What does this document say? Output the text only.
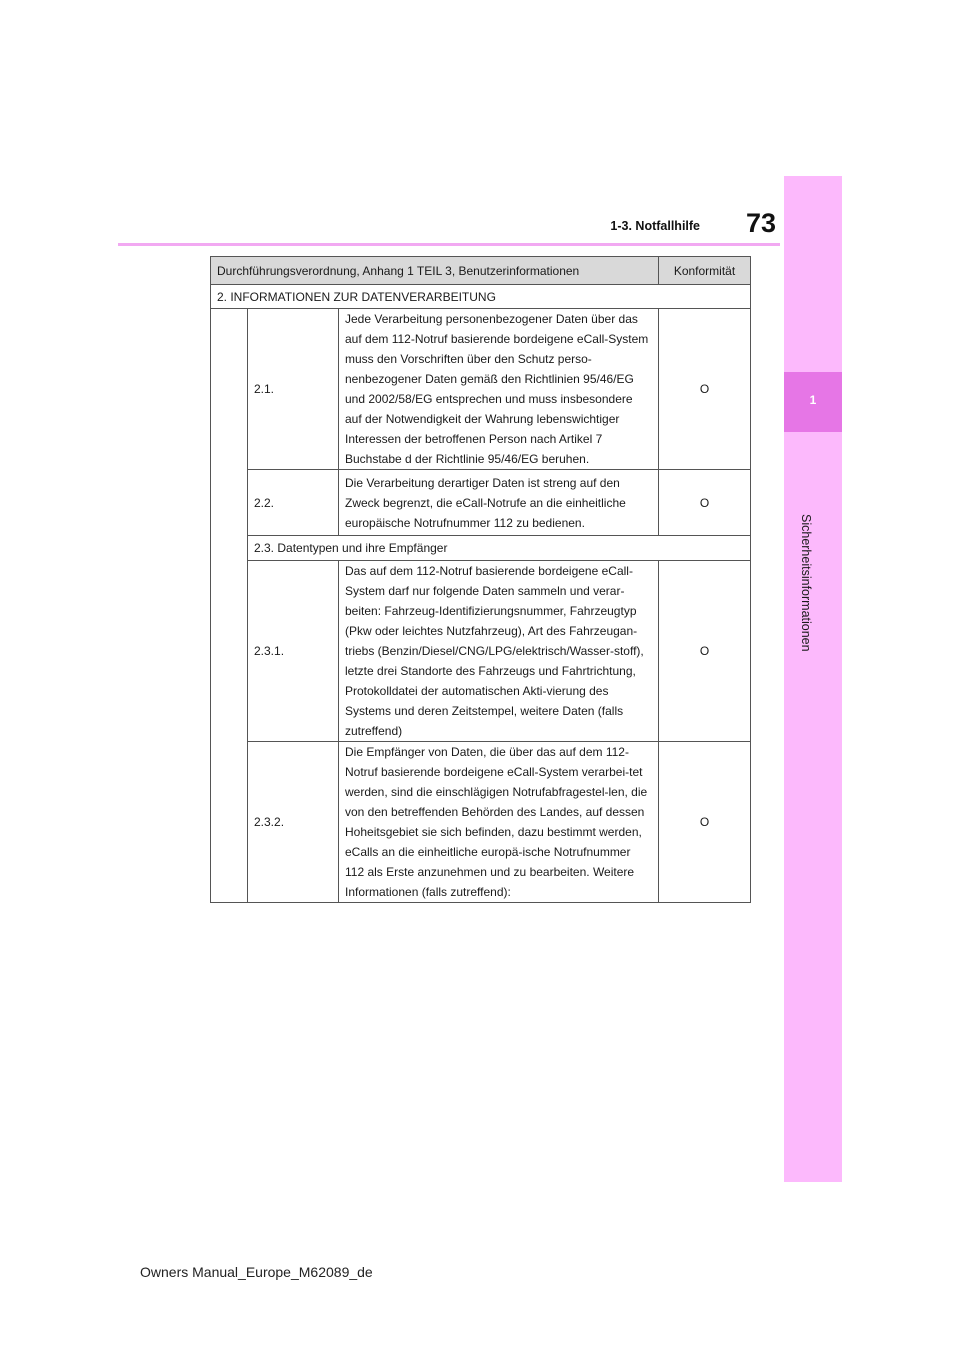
73
1-3. Notfallhilfe
1
Sicherheitsinformationen
Durchführungsverordnung, Anhang 1 TEIL 3, Benutzerinformationen			Konformität
2. INFORMATIONEN ZUR DATENVERARBEITUNG			
	2.1.	Jede Verarbeitung personenbezogener Daten über das auf dem 112-Notruf basierende bordeigene eCall-System muss den Vorschriften über den Schutz perso-nenbezogener Daten gemäß den Richtlinien 95/46/EG und 2002/58/EG entsprechen und muss insbesondere auf der Notwendigkeit der Wahrung lebenswichtiger Interessen der betroffenen Person nach Artikel 7 Buchstabe d der Richtlinie 95/46/EG beruhen.	O
	2.2.	Die Verarbeitung derartiger Daten ist streng auf den Zweck begrenzt, die eCall-Notrufe an die einheitliche europäische Notrufnummer 112 zu bedienen.	O
	2.3. Datentypen und ihre Empfänger		
	2.3.1.	Das auf dem 112-Notruf basierende bordeigene eCall-System darf nur folgende Daten sammeln und verar-beiten: Fahrzeug-Identifizierungsnummer, Fahrzeugtyp (Pkw oder leichtes Nutzfahrzeug), Art des Fahrzeugan-triebs (Benzin/Diesel/CNG/LPG/elektrisch/Wasser-stoff), letzte drei Standorte des Fahrzeugs und Fahrtrichtung, Protokolldatei der automatischen Akti-vierung des Systems und deren Zeitstempel, weitere Daten (falls zutreffend)	O
	2.3.2.	Die Empfänger von Daten, die über das auf dem 112-Notruf basierende bordeigene eCall-System verarbei-tet werden, sind die einschlägigen Notrufabfragestel-len, die von den betreffenden Behörden des Landes, auf dessen Hoheitsgebiet sie sich befinden, dazu bestimmt werden, eCalls an die einheitliche europä-ische Notrufnummer 112 als Erste anzunehmen und zu bearbeiten. Weitere Informationen (falls zutreffend):	O
Owners Manual_Europe_M62089_de
